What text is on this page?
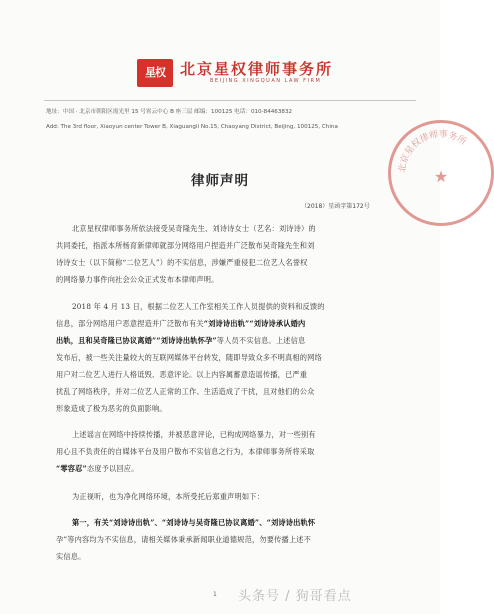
星权	北京星权律师事务所
BEIJING XINGQUAN LAW FIRM
地址：中国 · 北京市朝阳区霞光里 15 号霄云中心 B 座三层 邮编：100125 电话：010-84463832
Add: The 3rd floor, Xiaoyun center Tower B, Xiaguangli No.15, Chaoyang District, Beijing, 100125, China
北京星权律师事务所
★
律师声明
（2018）星函字第172号
北京星权律师事务所依法接受吴奇隆先生、刘诗诗女士（艺名：刘诗诗）的
共同委托，指派本所杨育新律师就部分网络用户捏造并广泛散布吴奇隆先生和刘
诗诗女士（以下简称“二位艺人”）的不实信息，涉嫌严重侵犯二位艺人名誉权
的网络暴力事件向社会公众正式发布本律师声明。
2018 年 4 月 13 日，根据二位艺人工作室相关工作人员提供的资料和反馈的
信息，部分网络用户恶意捏造并广泛散布有关“刘诗诗出轨”“刘诗诗承认婚内
出轨，且和吴奇隆已协议离婚”“刘诗诗出轨怀孕”等人员不实信息。上述信息
发布后，被一些关注量较大的互联网媒体平台转发，随即导致众多不明真相的网络
用户对二位艺人进行人格诋毁、恶意评论。以上内容属蓄意造谣传播，已严重
扰乱了网络秩序，并对二位艺人正常的工作、生活造成了干扰，且对他们的公众
形象造成了极为恶劣的负面影响。
上述谣言在网络中持续传播，并被恶意评论，已构成网络暴力，对一些别有
用心且不负责任的自媒体平台及用户散布不实信息之行为，本律师事务所将采取
“零容忍”态度予以回应。
为正视听，也为净化网络环境，本所受托后郑重声明如下：
第一，有关“刘诗诗出轨”、“刘诗诗与吴奇隆已协议离婚”、“刘诗诗出轨怀
孕”等内容均为不实信息，请相关媒体秉承新闻职业道德规范，勿要传播上述不
实信息。
1 头条号 / 狗哥看点
